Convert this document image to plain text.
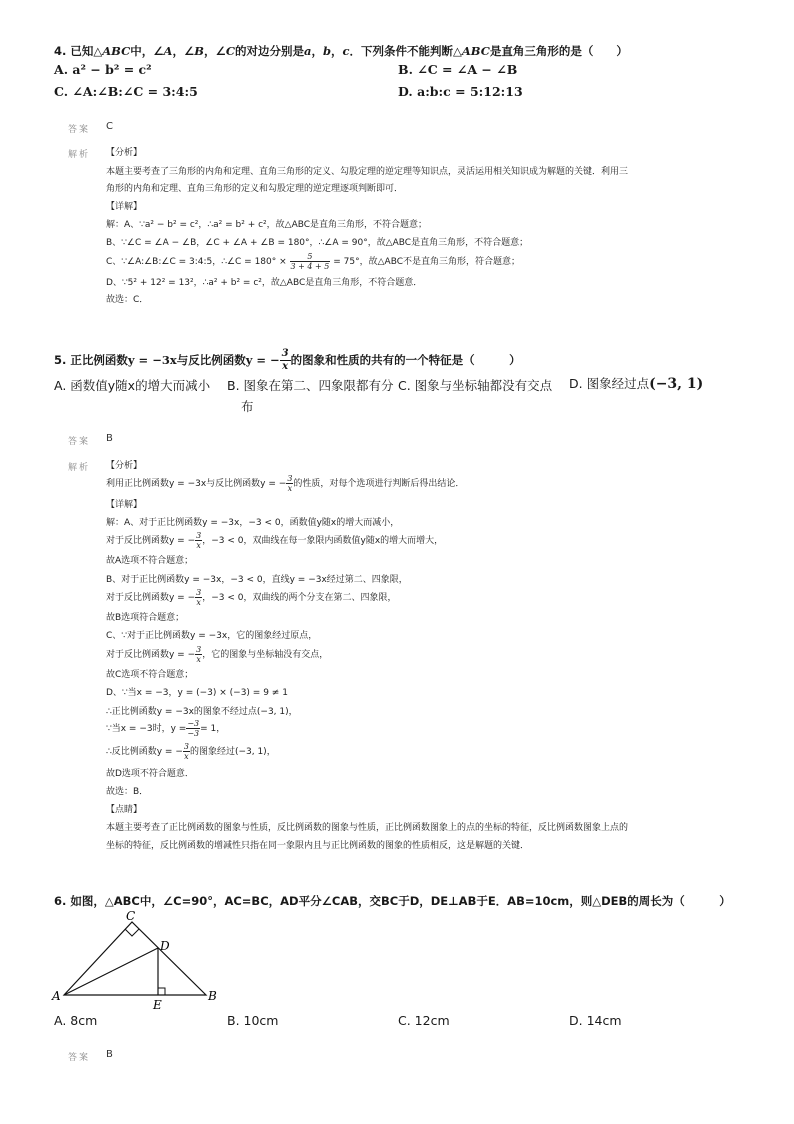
4. 已知△ABC中，∠A，∠B，∠C的对边分别是a，b，c．下列条件不能判断△ABC是直角三角形的是（　　）
A. a² − b² = c²	B. ∠C = ∠A − ∠B
C. ∠A:∠B:∠C = 3:4:5	D. a:b:c = 5:12:13
答案 C
解析 【分析】
本题主要考查了三角形的内角和定理、直角三角形的定义、勾股定理的逆定理等知识点，灵活运用相关知识成为解题的关键．利用三
角形的内角和定理、直角三角形的定义和勾股定理的逆定理逐项判断即可．
【详解】
解：A、∵a² − b² = c²，∴a² = b² + c²，故△ABC是直角三角形，不符合题意；
B、∵∠C = ∠A − ∠B，∠C + ∠A + ∠B = 180°，∴∠A = 90°，故△ABC是直角三角形，不符合题意；
C、∵∠A:∠B:∠C = 3:4:5，∴∠C = $180^\circ \times \frac{5}{3 + 4 + 5} = 75^\circ$，故△ABC不是直角三角形，符合题意；
D、∵5² + 12² = 13²，∴a² + b² = c²，故△ABC是直角三角形，不符合题意．
故选：C．
5. 正比例函数y = −3x与反比例函数y = − $\frac{3}{x}$ 的图象和性质的共有的一个特征是（　　　）
A. 函数值y随x的增大而减小 B. 图象在第二、四象限都有分
布
C. 图象与坐标轴都没有交点 D. 图象经过点(−3, 1)
答案 B
解析 【分析】
利用正比例函数y = −3x与反比例函数y = − $\frac{3}{x}$ 的性质，对每个选项进行判断后得出结论．
【详解】
解：A、对于正比例函数y = −3x，−3 < 0，函数值y随x的增大而减小，
对于反比例函数y = − $\frac{3}{x}$ ，−3 < 0，双曲线在每一象限内函数值y随x的增大而增大，
故A选项不符合题意；
B、对于正比例函数y = −3x，−3 < 0，直线y = −3x经过第二、四象限，
对于反比例函数y = − $\frac{3}{x}$ ，−3 < 0，双曲线的两个分支在第二、四象限，
故B选项符合题意；
C、∵对于正比例函数y = −3x，它的图象经过原点，
对于反比例函数y = − $\frac{3}{x}$ ，它的图象与坐标轴没有交点，
故C选项不符合题意；
D、∵当x = −3，y = (−3) × (−3) = 9 ≠ 1
∴正比例函数y = −3x的图象不经过点(−3, 1)，
∵当x = −3时，$y = \frac{-3}{-3} = 1$，
∴反比例函数y = − $\frac{3}{x}$ 的图象经过(−3, 1)，
故D选项不符合题意．
故选：B．
【点睛】
本题主要考查了正比例函数的图象与性质，反比例函数的图象与性质，正比例函数图象上的点的坐标的特征，反比例函数图象上点的
坐标的特征，反比例函数的增减性只指在同一象限内且与正比例函数的图象的性质相反，这是解题的关键．
6. 如图，△ABC中，∠C=90°，AC=BC，AD平分∠CAB，交BC于D，DE⊥AB于E．AB=10cm，则△DEB的周长为（　　　）
A	B
C
D
E
A. 8cm	B. 10cm	C. 12cm	D. 14cm
答案 B
